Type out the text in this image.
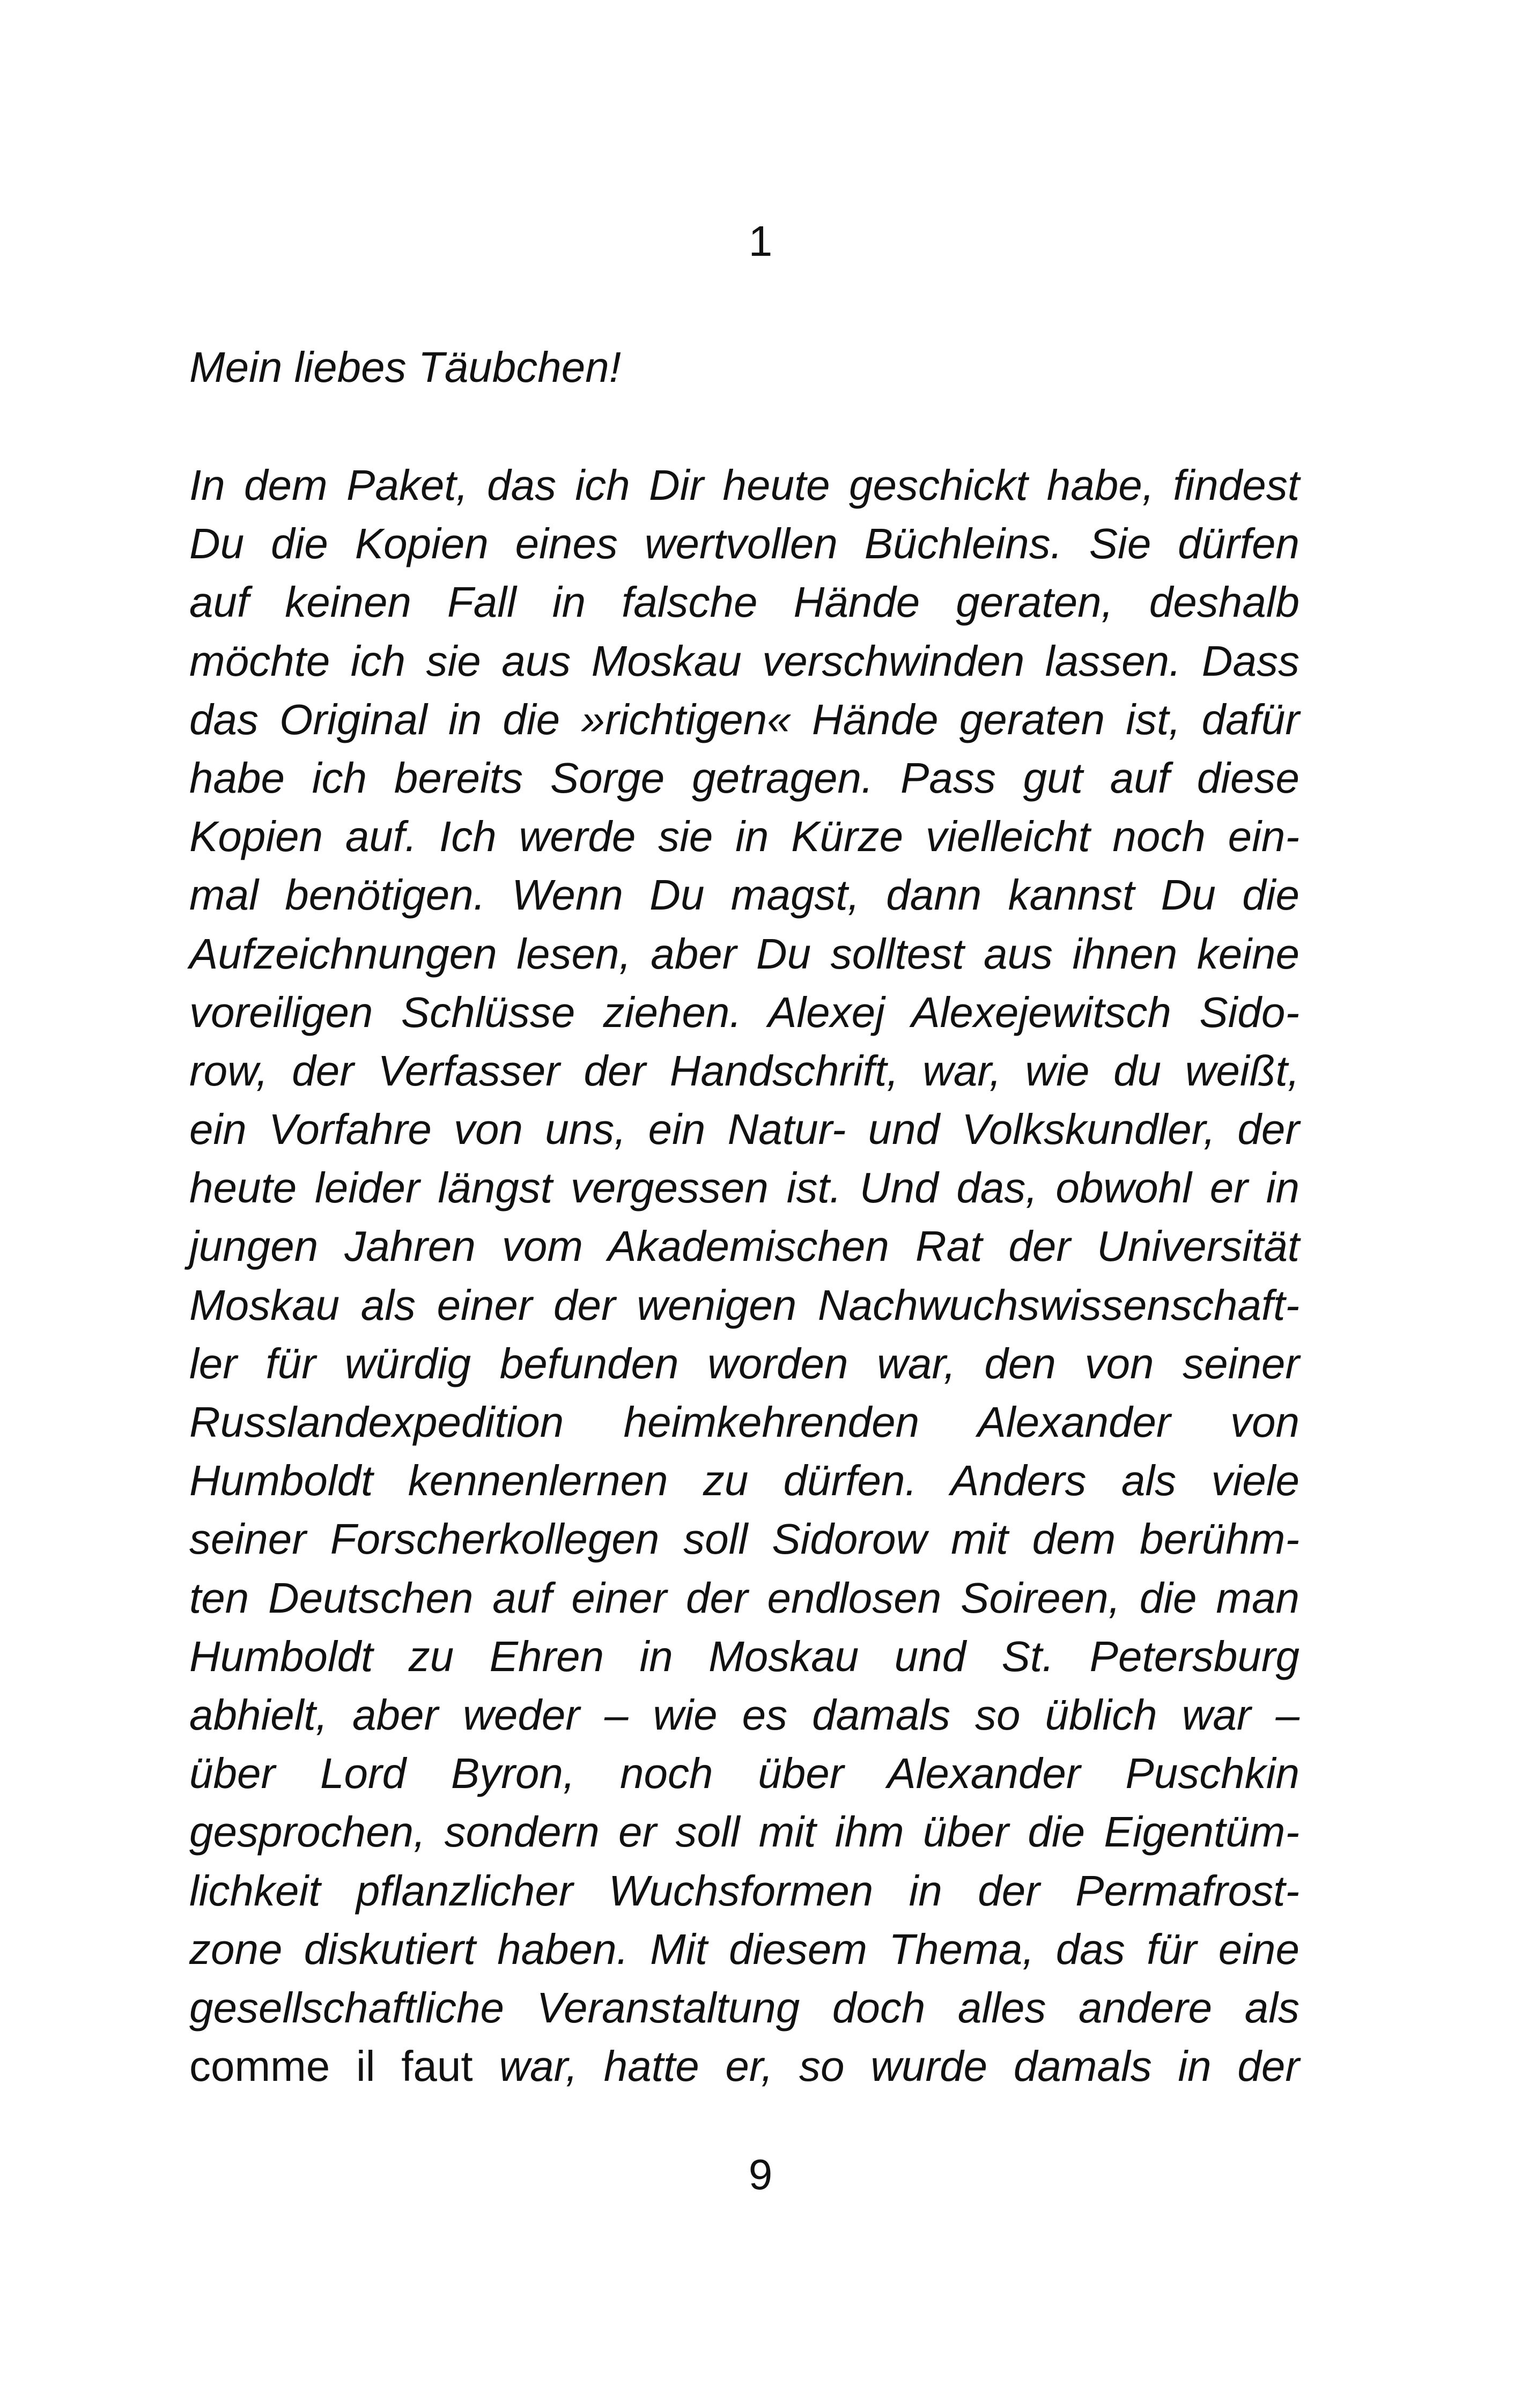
1
Mein liebes Täubchen!
In dem Paket, das ich Dir heute geschickt habe, findest
Du die Kopien eines wertvollen Büchleins. Sie dürfen
auf keinen Fall in falsche Hände geraten, deshalb
möchte ich sie aus Moskau verschwinden lassen. Dass
das Original in die »richtigen« Hände geraten ist, dafür
habe ich bereits Sorge getragen. Pass gut auf diese
Kopien auf. Ich werde sie in Kürze vielleicht noch ein-
mal benötigen. Wenn Du magst, dann kannst Du die
Aufzeichnungen lesen, aber Du solltest aus ihnen keine
voreiligen Schlüsse ziehen. Alexej Alexejewitsch Sido-
row, der Verfasser der Handschrift, war, wie du weißt,
ein Vorfahre von uns, ein Natur- und Volkskundler, der
heute leider längst vergessen ist. Und das, obwohl er in
jungen Jahren vom Akademischen Rat der Universität
Moskau als einer der wenigen Nachwuchswissenschaft-
ler für würdig befunden worden war, den von seiner
Russlandexpedition heimkehrenden Alexander von
Humboldt kennenlernen zu dürfen. Anders als viele
seiner Forscherkollegen soll Sidorow mit dem berühm-
ten Deutschen auf einer der endlosen Soireen, die man
Humboldt zu Ehren in Moskau und St. Petersburg
abhielt, aber weder – wie es damals so üblich war –
über Lord Byron, noch über Alexander Puschkin
gesprochen, sondern er soll mit ihm über die Eigentüm-
lichkeit pflanzlicher Wuchsformen in der Permafrost-
zone diskutiert haben. Mit diesem Thema, das für eine
gesellschaftliche Veranstaltung doch alles andere als
comme il faut war, hatte er, so wurde damals in der
9
